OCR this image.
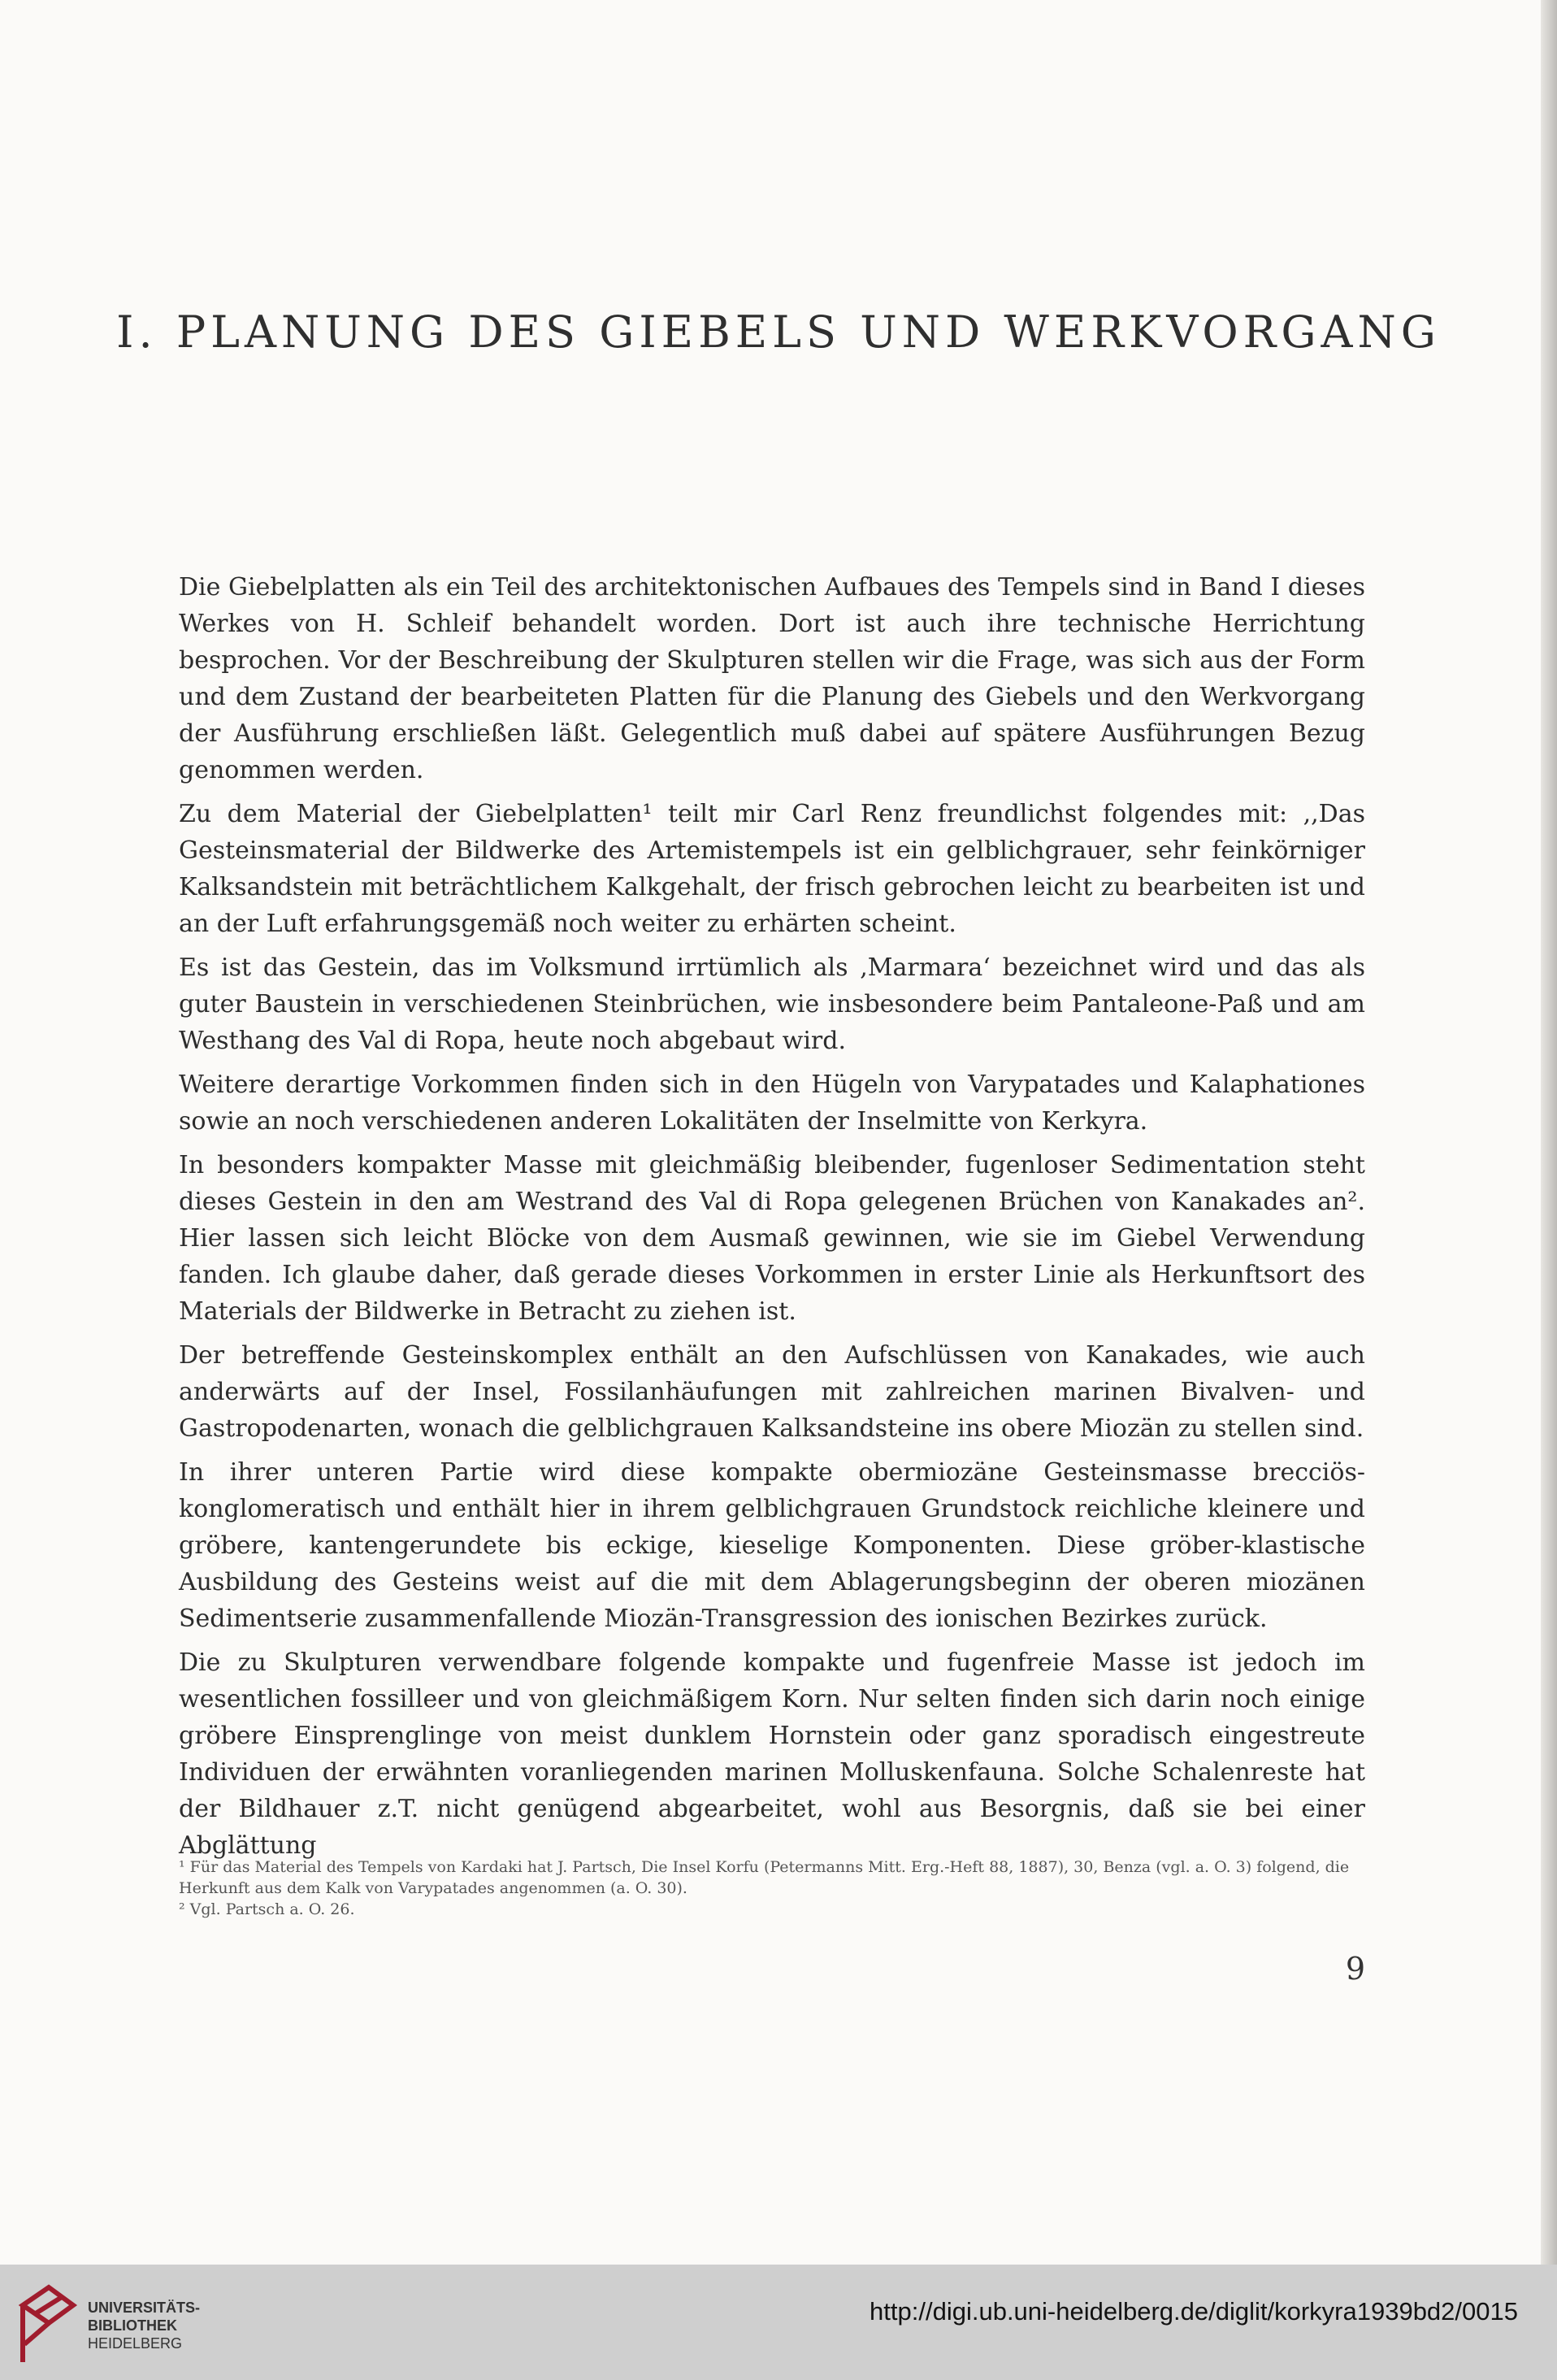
I. PLANUNG DES GIEBELS UND WERKVORGANG

Die Giebelplatten als ein Teil des architektonischen Aufbaues des Tempels sind in Band I dieses Werkes von H. Schleif behandelt worden. Dort ist auch ihre technische Herrichtung besprochen. Vor der Beschreibung der Skulpturen stellen wir die Frage, was sich aus der Form und dem Zustand der bearbeiteten Platten für die Planung des Giebels und den Werkvorgang der Ausführung erschließen läßt. Gelegentlich muß dabei auf spätere Ausführungen Bezug genommen werden.

Zu dem Material der Giebelplatten¹ teilt mir Carl Renz freundlichst folgendes mit: ,,Das Gesteinsmaterial der Bildwerke des Artemistempels ist ein gelblichgrauer, sehr feinkörniger Kalksandstein mit beträchtlichem Kalkgehalt, der frisch gebrochen leicht zu bearbeiten ist und an der Luft erfahrungsgemäß noch weiter zu erhärten scheint.

Es ist das Gestein, das im Volksmund irrtümlich als ,Marmara‘ bezeichnet wird und das als guter Baustein in verschiedenen Steinbrüchen, wie insbesondere beim Pantaleone-Paß und am Westhang des Val di Ropa, heute noch abgebaut wird.

Weitere derartige Vorkommen finden sich in den Hügeln von Varypatades und Kalaphationes sowie an noch verschiedenen anderen Lokalitäten der Inselmitte von Kerkyra.

In besonders kompakter Masse mit gleichmäßig bleibender, fugenloser Sedimentation steht dieses Gestein in den am Westrand des Val di Ropa gelegenen Brüchen von Kanakades an². Hier lassen sich leicht Blöcke von dem Ausmaß gewinnen, wie sie im Giebel Verwendung fanden. Ich glaube daher, daß gerade dieses Vorkommen in erster Linie als Herkunftsort des Materials der Bildwerke in Betracht zu ziehen ist.

Der betreffende Gesteinskomplex enthält an den Aufschlüssen von Kanakades, wie auch anderwärts auf der Insel, Fossilanhäufungen mit zahlreichen marinen Bivalven- und Gastropodenarten, wonach die gelblichgrauen Kalksandsteine ins obere Miozän zu stellen sind.

In ihrer unteren Partie wird diese kompakte obermiozäne Gesteinsmasse brecciös-konglomeratisch und enthält hier in ihrem gelblichgrauen Grundstock reichliche kleinere und gröbere, kantengerundete bis eckige, kieselige Komponenten. Diese gröber-klastische Ausbildung des Gesteins weist auf die mit dem Ablagerungsbeginn der oberen miozänen Sedimentserie zusammenfallende Miozän-Transgression des ionischen Bezirkes zurück.

Die zu Skulpturen verwendbare folgende kompakte und fugenfreie Masse ist jedoch im wesentlichen fossilleer und von gleichmäßigem Korn. Nur selten finden sich darin noch einige gröbere Einsprenglinge von meist dunklem Hornstein oder ganz sporadisch eingestreute Individuen der erwähnten voranliegenden marinen Molluskenfauna. Solche Schalenreste hat der Bildhauer z.T. nicht genügend abgearbeitet, wohl aus Besorgnis, daß sie bei einer Abglättung

¹ Für das Material des Tempels von Kardaki hat J. Partsch, Die Insel Korfu (Petermanns Mitt. Erg.-Heft 88, 1887), 30, Benza (vgl. a. O. 3) folgend, die Herkunft aus dem Kalk von Varypatades angenommen (a. O. 30).

² Vgl. Partsch a. O. 26.

9
UNIVERSITÄTS-
BIBLIOTHEK
HEIDELBERG
http://digi.ub.uni-heidelberg.de/diglit/korkyra1939bd2/0015
